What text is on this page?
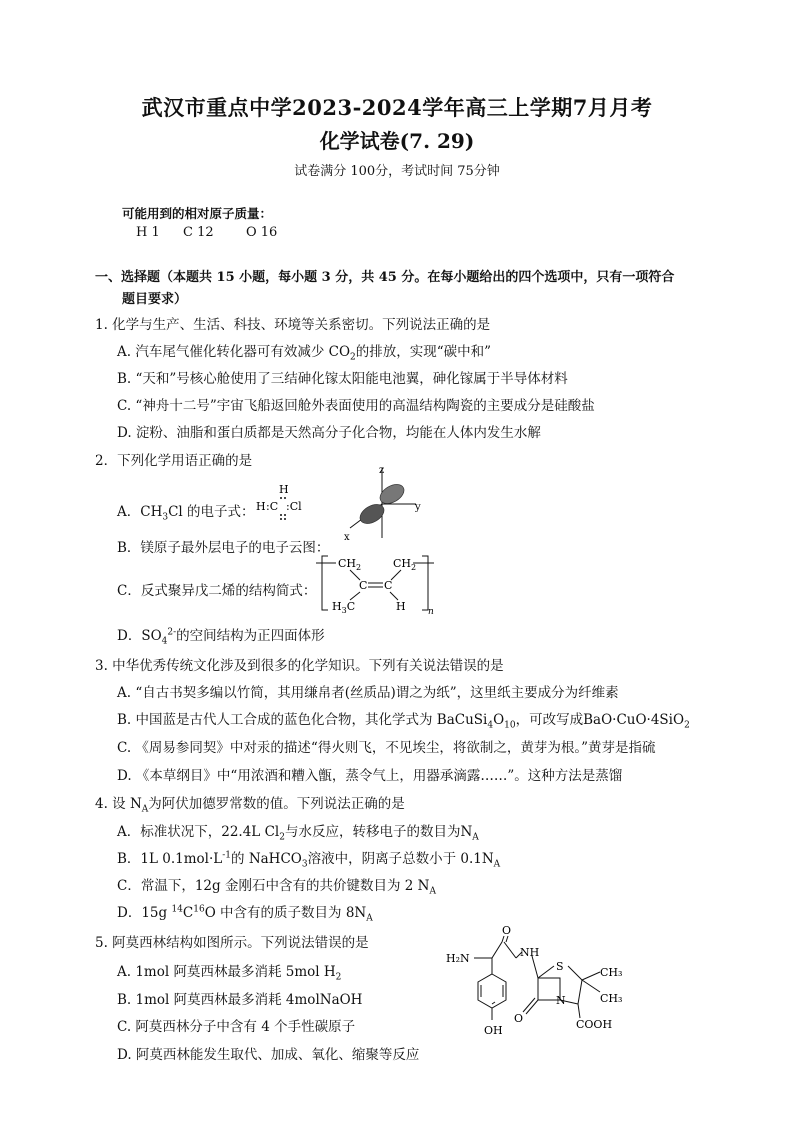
武汉市重点中学2023-2024学年高三上学期7月月考
化学试卷(7. 29)
试卷满分 100分，考试时间 75分钟
可能用到的相对原子质量：
H 1 C 12 O 16
一、选择题（本题共 15 小题，每小题 3 分，共 45 分。在每小题给出的四个选项中，只有一项符合
题目要求）
1. 化学与生产、生活、科技、环境等关系密切。下列说法正确的是
A. 汽车尾气催化转化器可有效减少 $CO_2$的排放，实现“碳中和”
B. “天和”号核心舱使用了三结砷化镓太阳能电池翼，砷化镓属于半导体材料
C. “神舟十二号”宇宙飞船返回舱外表面使用的高温结构陶瓷的主要成分是硅酸盐
D. 淀粉、油脂和蛋白质都是天然高分子化合物，均能在人体内发生水解
2．下列化学用语正确的是
A．$CH_3Cl$ 的电子式：
H
H :C :Cl
z
y
x
B．镁原子最外层电子的电子云图：
C．反式聚异戊二烯的结构简式：
$CH_2$	$CH_2$
C C
$H_3C$	H n
D．$SO_4^{2-}$的空间结构为正四面体形
3. 中华优秀传统文化涉及到很多的化学知识。下列有关说法错误的是
A. “自古书契多编以竹简，其用缣帛者(丝质品)谓之为纸”，这里纸主要成分为纤维素
B. 中国蓝是古代人工合成的蓝色化合物，其化学式为 $BaCuSi_4O_{10}$，可改写成BaO·CuO·4SiO$_2$
C. 《周易参同契》中对汞的描述“得火则飞，不见埃尘，将欲制之，黄芽为根。”黄芽是指硫
D. 《本草纲目》中“用浓酒和糟入甑，蒸令气上，用器承滴露……”。这种方法是蒸馏
4. 设 $N_A$为阿伏加德罗常数的值。下列说法正确的是
A．标准状况下，22.4L $Cl_2$与水反应，转移电子的数目为$N_A$
B．1L $0.1mol\cdot L^{-1}$的 NaHCO$_3$溶液中，阴离子总数小于 $0.1N_A$
C．常温下，12g 金刚石中含有的共价键数目为 2 $N_A$
D．15g $^{14}C^{16}O$ 中含有的质子数目为 $8N_A$
5. 阿莫西林结构如图所示。下列说法错误的是
A. 1mol 阿莫西林最多消耗 5mol $H_2$
B. 1mol 阿莫西林最多消耗 4molNaOH
C. 阿莫西林分子中含有 4 个手性碳原子
D. 阿莫西林能发生取代、加成、氧化、缩聚等反应
H₂N
O
NH
S	CH₃
CH₃
N
O	COOH
OH
